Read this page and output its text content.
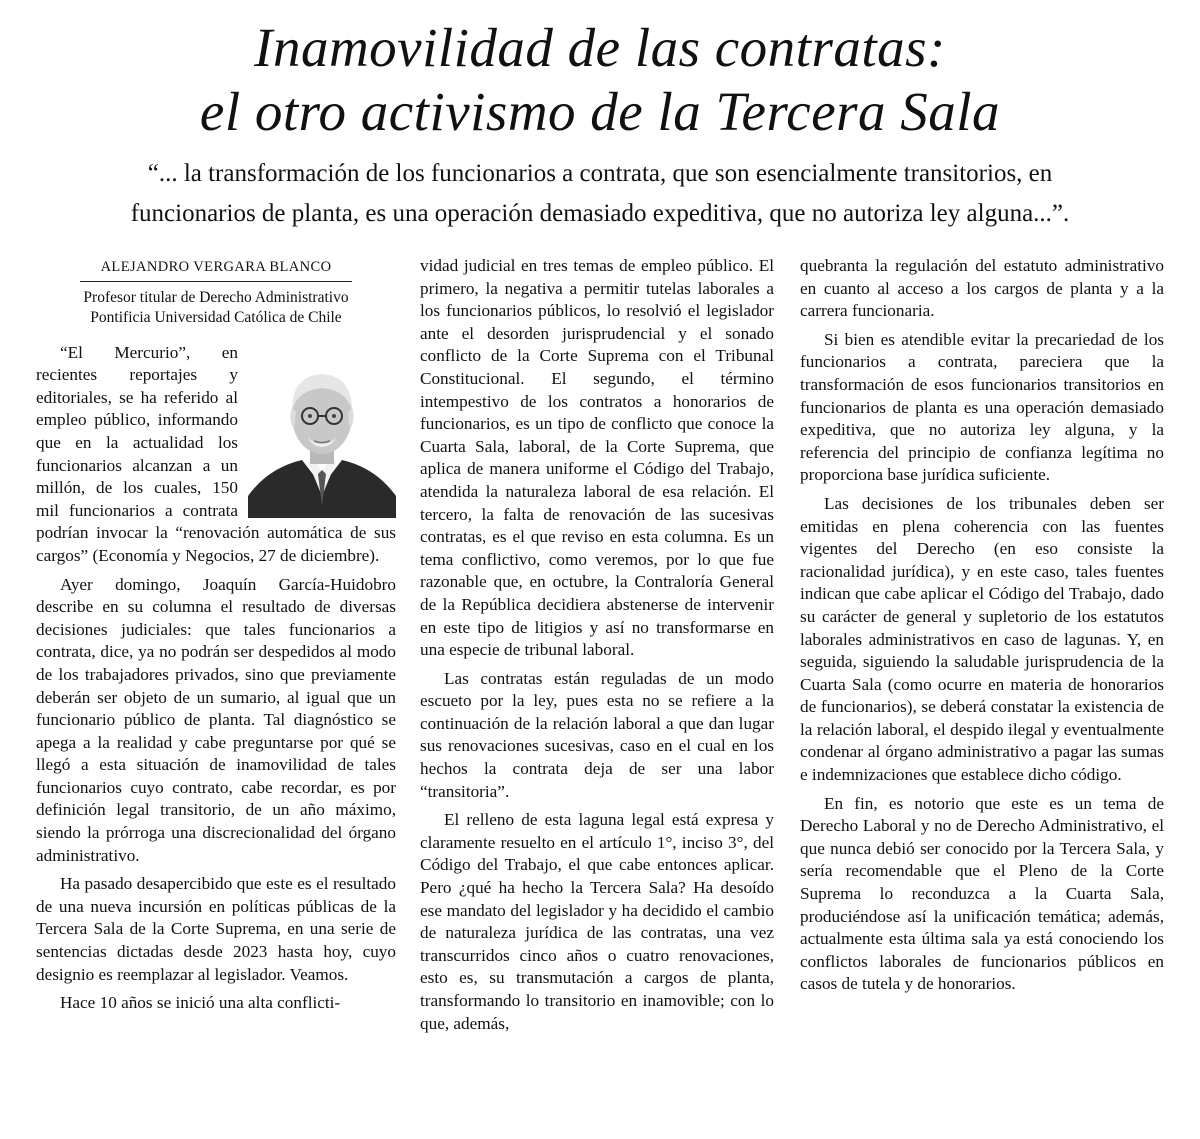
Inamovilidad de las contratas:
el otro activismo de la Tercera Sala

“... la transformación de los funcionarios a contrata, que son esencialmente transitorios, en
funcionarios de planta, es una operación demasiado expeditiva, que no autoriza ley alguna...”.

ALEJANDRO VERGARA BLANCO
Profesor titular de Derecho Administrativo
Pontificia Universidad Católica de Chile

“El Mercurio”, en recientes reportajes y editoriales, se ha referido al empleo público, informando que en la actualidad los funcionarios alcanzan a un millón, de los cuales, 150 mil funcionarios a contrata podrían invocar la “renovación automática de sus cargos” (Economía y Negocios, 27 de diciembre).

Ayer domingo, Joaquín García-Huidobro describe en su columna el resultado de diversas decisiones judiciales: que tales funcionarios a contrata, dice, ya no podrán ser despedidos al modo de los trabajadores privados, sino que previamente deberán ser objeto de un sumario, al igual que un funcionario público de planta. Tal diagnóstico se apega a la realidad y cabe preguntarse por qué se llegó a esta situación de inamovilidad de tales funcionarios cuyo contrato, cabe recordar, es por definición legal transitorio, de un año máximo, siendo la prórroga una discrecionalidad del órgano administrativo.

Ha pasado desapercibido que este es el resultado de una nueva incursión en políticas públicas de la Tercera Sala de la Corte Suprema, en una serie de sentencias dictadas desde 2023 hasta hoy, cuyo designio es reemplazar al legislador. Veamos.

Hace 10 años se inició una alta conflicti-

vidad judicial en tres temas de empleo público. El primero, la negativa a permitir tutelas laborales a los funcionarios públicos, lo resolvió el legislador ante el desorden jurisprudencial y el sonado conflicto de la Corte Suprema con el Tribunal Constitucional. El segundo, el término intempestivo de los contratos a honorarios de funcionarios, es un tipo de conflicto que conoce la Cuarta Sala, laboral, de la Corte Suprema, que aplica de manera uniforme el Código del Trabajo, atendida la naturaleza laboral de esa relación. El tercero, la falta de renovación de las sucesivas contratas, es el que reviso en esta columna. Es un tema conflictivo, como veremos, por lo que fue razonable que, en octubre, la Contraloría General de la República decidiera abstenerse de intervenir en este tipo de litigios y así no transformarse en una especie de tribunal laboral.

Las contratas están reguladas de un modo escueto por la ley, pues esta no se refiere a la continuación de la relación laboral a que dan lugar sus renovaciones sucesivas, caso en el cual en los hechos la contrata deja de ser una labor “transitoria”.

El relleno de esta laguna legal está expresa y claramente resuelto en el artículo 1°, inciso 3°, del Código del Trabajo, el que cabe entonces aplicar. Pero ¿qué ha hecho la Tercera Sala? Ha desoído ese mandato del legislador y ha decidido el cambio de naturaleza jurídica de las contratas, una vez transcurridos cinco años o cuatro renovaciones, esto es, su transmutación a cargos de planta, transformando lo transitorio en inamovible; con lo que, además,

quebranta la regulación del estatuto administrativo en cuanto al acceso a los cargos de planta y a la carrera funcionaria.

Si bien es atendible evitar la precariedad de los funcionarios a contrata, pareciera que la transformación de esos funcionarios transitorios en funcionarios de planta es una operación demasiado expeditiva, que no autoriza ley alguna, y la referencia del principio de confianza legítima no proporciona base jurídica suficiente.

Las decisiones de los tribunales deben ser emitidas en plena coherencia con las fuentes vigentes del Derecho (en eso consiste la racionalidad jurídica), y en este caso, tales fuentes indican que cabe aplicar el Código del Trabajo, dado su carácter de general y supletorio de los estatutos laborales administrativos en caso de lagunas. Y, en seguida, siguiendo la saludable jurisprudencia de la Cuarta Sala (como ocurre en materia de honorarios de funcionarios), se deberá constatar la existencia de la relación laboral, el despido ilegal y eventualmente condenar al órgano administrativo a pagar las sumas e indemnizaciones que establece dicho código.

En fin, es notorio que este es un tema de Derecho Laboral y no de Derecho Administrativo, el que nunca debió ser conocido por la Tercera Sala, y sería recomendable que el Pleno de la Corte Suprema lo reconduzca a la Cuarta Sala, produciéndose así la unificación temática; además, actualmente esta última sala ya está conociendo los conflictos laborales de funcionarios públicos en casos de tutela y de honorarios.
